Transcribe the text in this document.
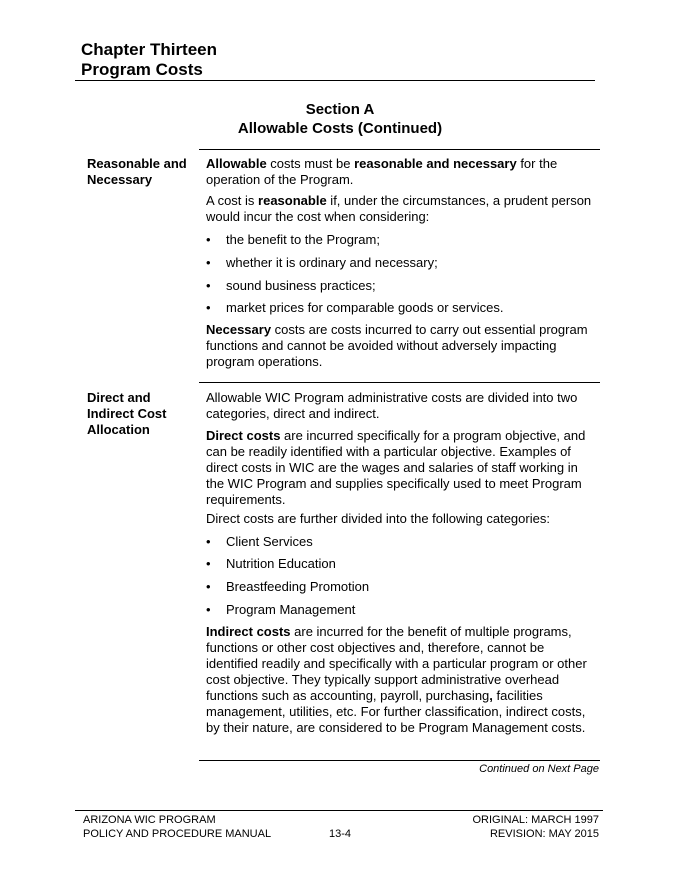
Chapter Thirteen
Program Costs
Section A
Allowable Costs (Continued)
Reasonable and
Necessary

Allowable costs must be reasonable and necessary for the operation of the Program.

A cost is reasonable if, under the circumstances, a prudent person would incur the cost when considering:

• the benefit to the Program;
• whether it is ordinary and necessary;
• sound business practices;
• market prices for comparable goods or services.

Necessary costs are costs incurred to carry out essential program functions and cannot be avoided without adversely impacting program operations.

Direct and
Indirect Cost
Allocation

Allowable WIC Program administrative costs are divided into two categories, direct and indirect.

Direct costs are incurred specifically for a program objective, and can be readily identified with a particular objective. Examples of direct costs in WIC are the wages and salaries of staff working in the WIC Program and supplies specifically used to meet Program requirements.

Direct costs are further divided into the following categories:

• Client Services
• Nutrition Education
• Breastfeeding Promotion
• Program Management

Indirect costs are incurred for the benefit of multiple programs, functions or other cost objectives and, therefore, cannot be identified readily and specifically with a particular program or other cost objective. They typically support administrative overhead functions such as accounting, payroll, purchasing, facilities management, utilities, etc. For further classification, indirect costs, by their nature, are considered to be Program Management costs.

Continued on Next Page
ARIZONA WIC PROGRAM
POLICY AND PROCEDURE MANUAL	13-4
ORIGINAL: MARCH 1997
REVISION: MAY 2015
